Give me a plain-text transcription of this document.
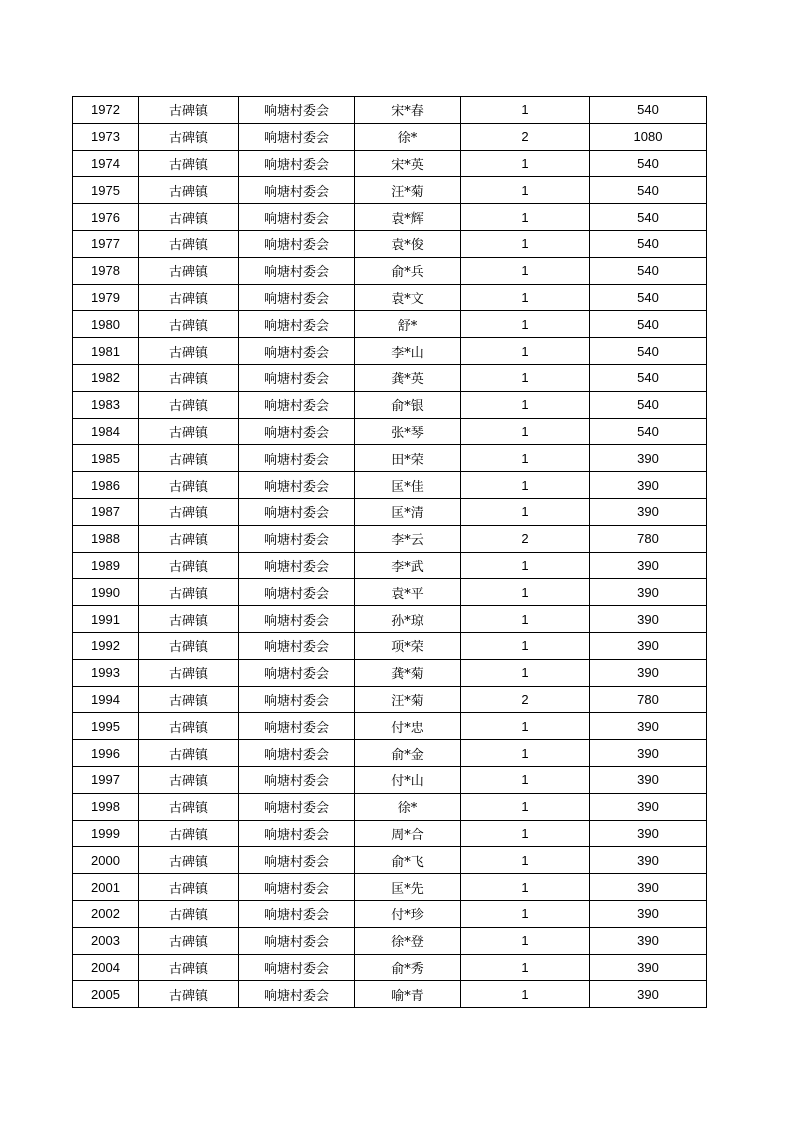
1972	古碑镇	响塘村委会	宋*春	1	540
1973	古碑镇	响塘村委会	徐*	2	1080
1974	古碑镇	响塘村委会	宋*英	1	540
1975	古碑镇	响塘村委会	汪*菊	1	540
1976	古碑镇	响塘村委会	袁*辉	1	540
1977	古碑镇	响塘村委会	袁*俊	1	540
1978	古碑镇	响塘村委会	俞*兵	1	540
1979	古碑镇	响塘村委会	袁*文	1	540
1980	古碑镇	响塘村委会	舒*	1	540
1981	古碑镇	响塘村委会	李*山	1	540
1982	古碑镇	响塘村委会	龚*英	1	540
1983	古碑镇	响塘村委会	俞*银	1	540
1984	古碑镇	响塘村委会	张*琴	1	540
1985	古碑镇	响塘村委会	田*荣	1	390
1986	古碑镇	响塘村委会	匡*佳	1	390
1987	古碑镇	响塘村委会	匡*清	1	390
1988	古碑镇	响塘村委会	李*云	2	780
1989	古碑镇	响塘村委会	李*武	1	390
1990	古碑镇	响塘村委会	袁*平	1	390
1991	古碑镇	响塘村委会	孙*琼	1	390
1992	古碑镇	响塘村委会	项*荣	1	390
1993	古碑镇	响塘村委会	龚*菊	1	390
1994	古碑镇	响塘村委会	汪*菊	2	780
1995	古碑镇	响塘村委会	付*忠	1	390
1996	古碑镇	响塘村委会	俞*金	1	390
1997	古碑镇	响塘村委会	付*山	1	390
1998	古碑镇	响塘村委会	徐*	1	390
1999	古碑镇	响塘村委会	周*合	1	390
2000	古碑镇	响塘村委会	俞*飞	1	390
2001	古碑镇	响塘村委会	匡*先	1	390
2002	古碑镇	响塘村委会	付*珍	1	390
2003	古碑镇	响塘村委会	徐*登	1	390
2004	古碑镇	响塘村委会	俞*秀	1	390
2005	古碑镇	响塘村委会	喻*青	1	390
